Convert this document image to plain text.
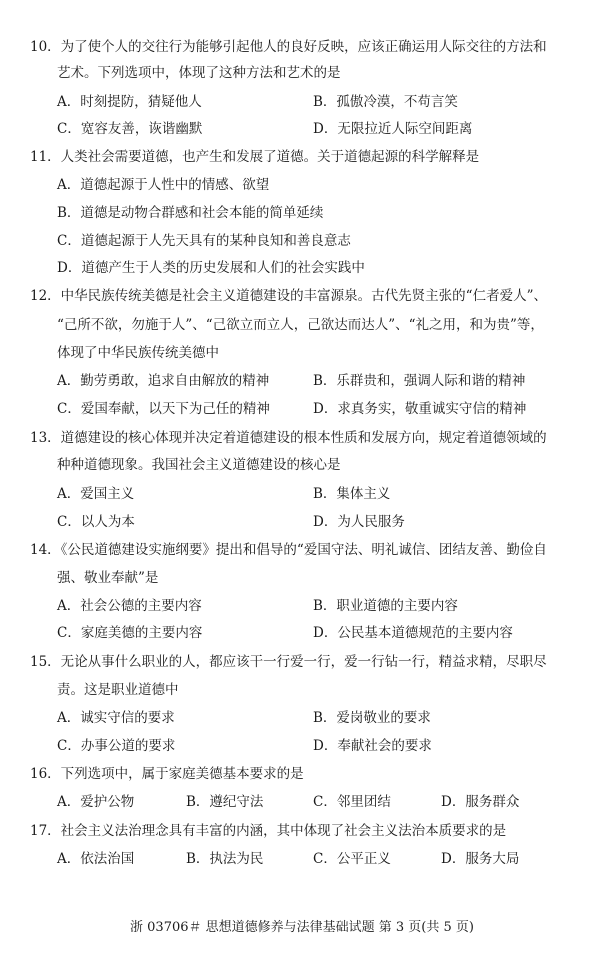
10．为了使个人的交往行为能够引起他人的良好反映，应该正确运用人际交往的方法和
艺术。下列选项中，体现了这种方法和艺术的是
A．时刻提防，猜疑他人	B．孤傲冷漠，不苟言笑
C．宽容友善，诙谐幽默	D．无限拉近人际空间距离
11．人类社会需要道德，也产生和发展了道德。关于道德起源的科学解释是
A．道德起源于人性中的情感、欲望
B．道德是动物合群感和社会本能的简单延续
C．道德起源于人先天具有的某种良知和善良意志
D．道德产生于人类的历史发展和人们的社会实践中
12．中华民族传统美德是社会主义道德建设的丰富源泉。古代先贤主张的“仁者爱人”、
“己所不欲，勿施于人”、“己欲立而立人，己欲达而达人”、“礼之用，和为贵”等，
体现了中华民族传统美德中
A．勤劳勇敢，追求自由解放的精神	B．乐群贵和，强调人际和谐的精神
C．爱国奉献，以天下为己任的精神	D．求真务实，敬重诚实守信的精神
13．道德建设的核心体现并决定着道德建设的根本性质和发展方向，规定着道德领域的
种种道德现象。我国社会主义道德建设的核心是
A．爱国主义	B．集体主义
C．以人为本	D．为人民服务
14．《公民道德建设实施纲要》提出和倡导的“爱国守法、明礼诚信、团结友善、勤俭自
强、敬业奉献”是
A．社会公德的主要内容	B．职业道德的主要内容
C．家庭美德的主要内容	D．公民基本道德规范的主要内容
15．无论从事什么职业的人，都应该干一行爱一行，爱一行钻一行，精益求精，尽职尽
责。这是职业道德中
A．诚实守信的要求	B．爱岗敬业的要求
C．办事公道的要求	D．奉献社会的要求
16．下列选项中，属于家庭美德基本要求的是
A．爱护公物	B．遵纪守法	C．邻里团结	D．服务群众
17．社会主义法治理念具有丰富的内涵，其中体现了社会主义法治本质要求的是
A．依法治国	B．执法为民	C．公平正义	D．服务大局
浙 03706＃ 思想道德修养与法律基础试题 第 3 页(共 5 页)
